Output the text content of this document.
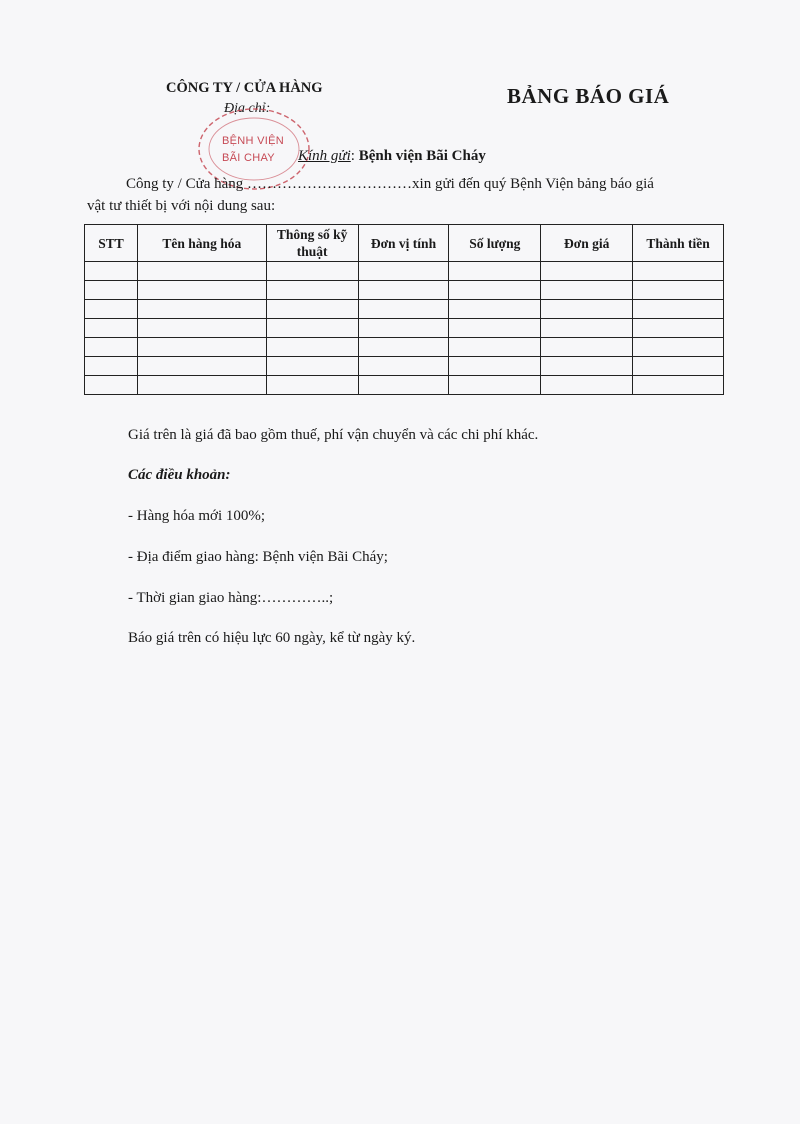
CÔNG TY / CỬA HÀNG
Địa chỉ:
BẢNG BÁO GIÁ
BỆNH VIỆN
BÃI CHAY Kính gửi: Bệnh viện Bãi Cháy
Công ty / Cửa hàng ……………………………xin gửi đến quý Bệnh Viện bảng báo giá
vật tư thiết bị với nội dung sau:
STT	Tên hàng hóa	Thông số kỹ thuật	Đơn vị tính	Số lượng	Đơn giá	Thành tiền

Giá trên là giá đã bao gồm thuế, phí vận chuyển và các chi phí khác.
Các điều khoản:
- Hàng hóa mới 100%;
- Địa điểm giao hàng: Bệnh viện Bãi Cháy;
- Thời gian giao hàng:…………..;
Báo giá trên có hiệu lực 60 ngày, kể từ ngày ký.
